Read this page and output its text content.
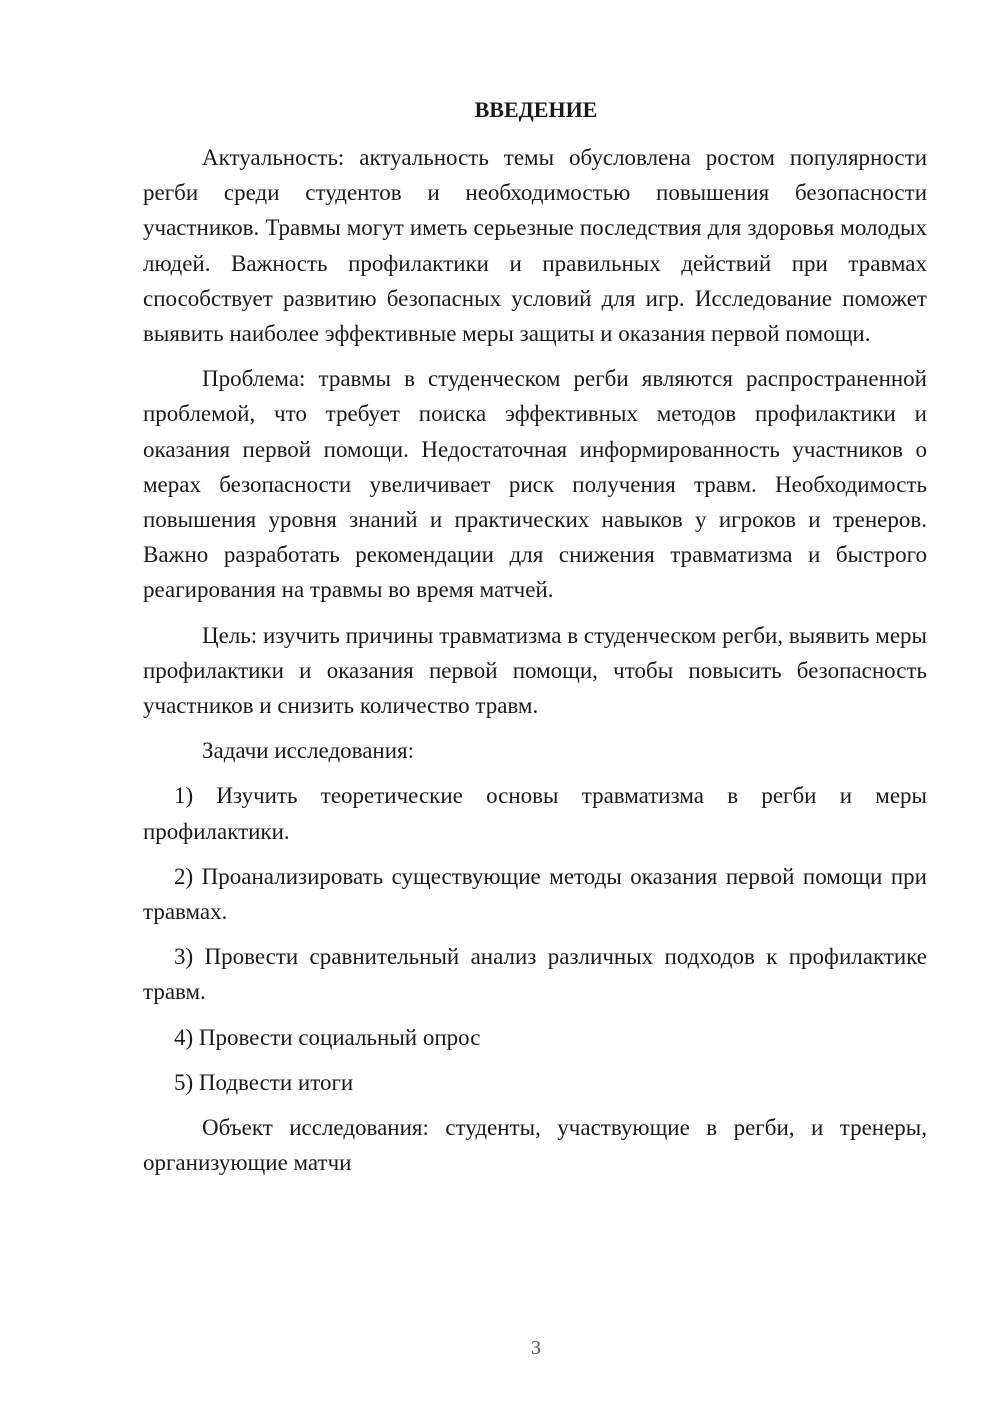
ВВЕДЕНИЕ

Актуальность: актуальность темы обусловлена ростом популярности регби среди студентов и необходимостью повышения безопасности участников. Травмы могут иметь серьезные последствия для здоровья молодых людей. Важность профилактики и правильных действий при травмах способствует развитию безопасных условий для игр. Исследование поможет выявить наиболее эффективные меры защиты и оказания первой помощи.

Проблема: травмы в студенческом регби являются распространенной проблемой, что требует поиска эффективных методов профилактики и оказания первой помощи. Недостаточная информированность участников о мерах безопасности увеличивает риск получения травм. Необходимость повышения уровня знаний и практических навыков у игроков и тренеров. Важно разработать рекомендации для снижения травматизма и быстрого реагирования на травмы во время матчей.

Цель: изучить причины травматизма в студенческом регби, выявить меры профилактики и оказания первой помощи, чтобы повысить безопасность участников и снизить количество травм.

Задачи исследования:

1) Изучить теоретические основы травматизма в регби и меры профилактики.

2) Проанализировать существующие методы оказания первой помощи при травмах.

3) Провести сравнительный анализ различных подходов к профилактике травм.

4) Провести социальный опрос

5) Подвести итоги

Объект исследования: студенты, участвующие в регби, и тренеры, организующие матчи

3
